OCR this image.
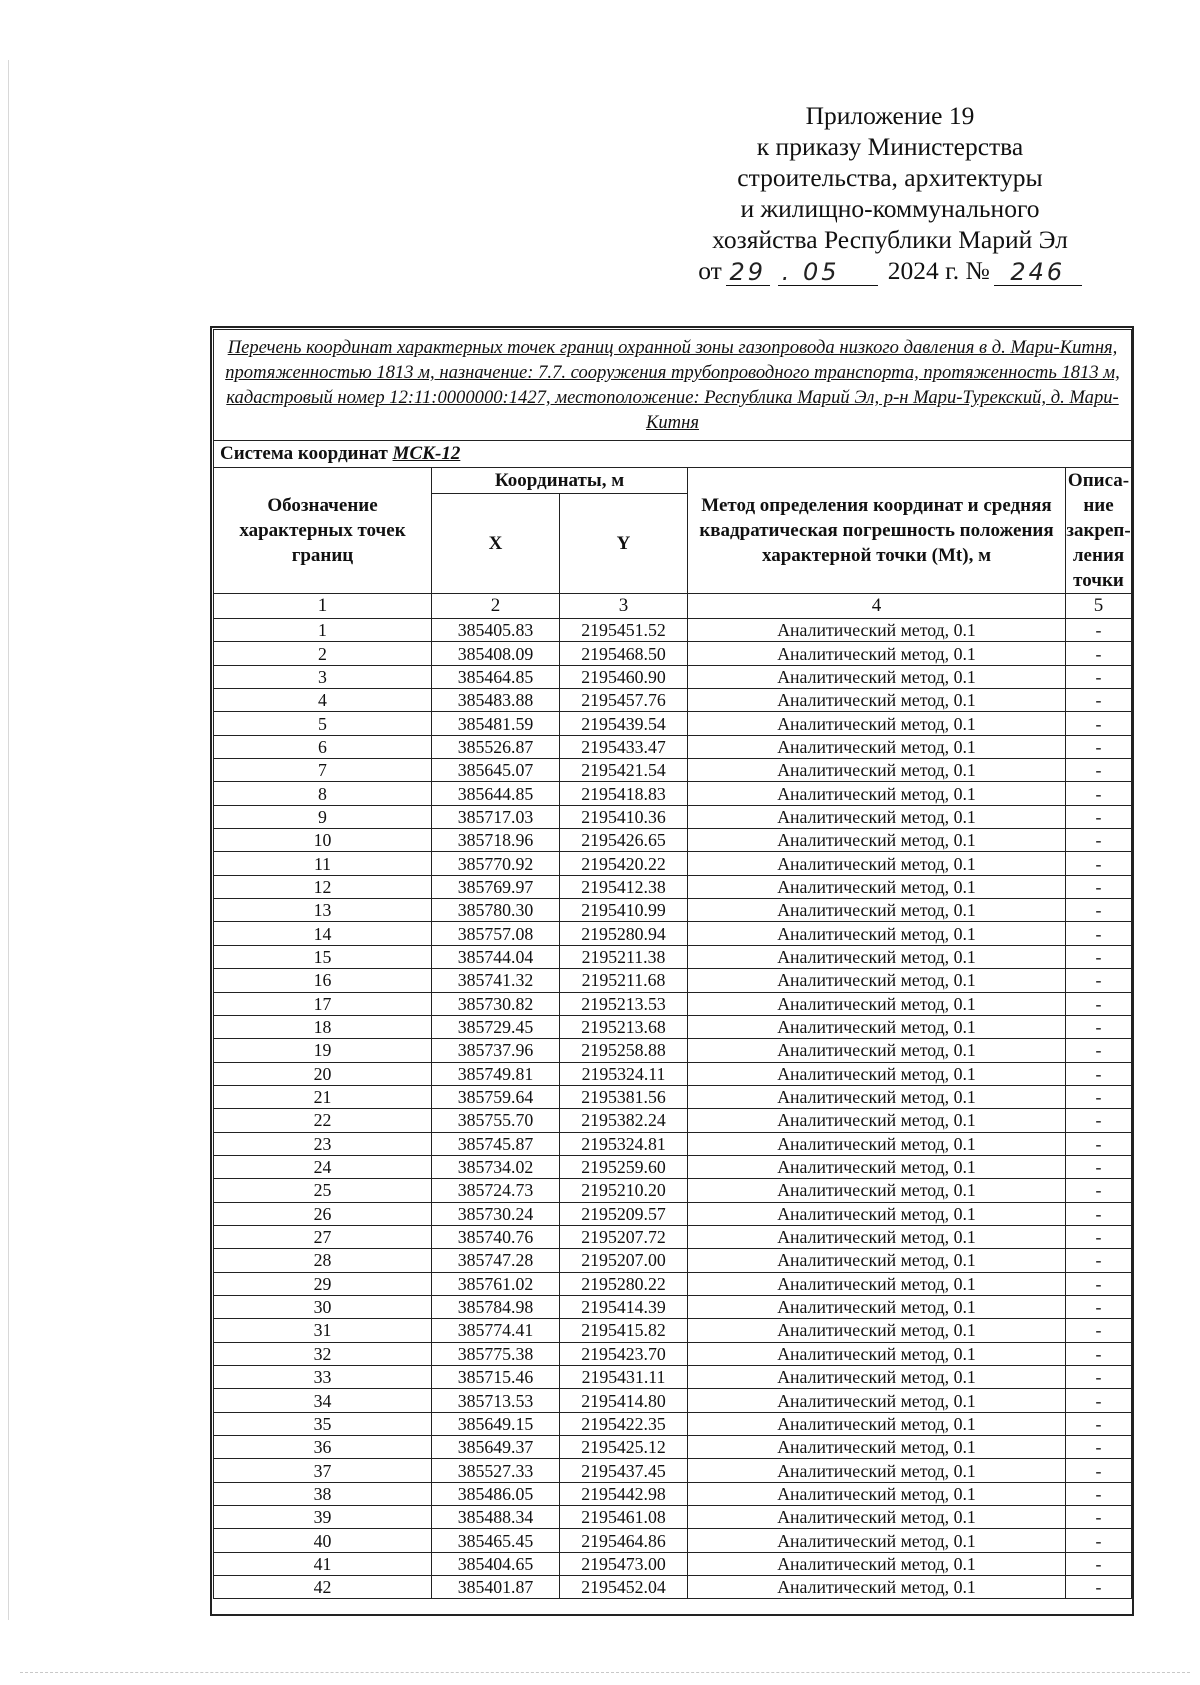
Приложение 19
к приказу Министерства
строительства, архитектуры
и жилищно-коммунального
хозяйства Республики Марий Эл
от 29 . 05	2024 г. № 246
Перечень координат характерных точек границ охранной зоны газопровода низкого давления в д. Мари-Китня, протяженностью 1813 м, назначение: 7.7. сооружения трубопроводного транспорта, протяженность 1813 м, кадастровый номер 12:11:0000000:1427, местоположение: Республика Марий Эл, р-н Мари-Турекский, д. Мари-Китня				
Система координат МСК-12				
Обозначение характерных точек границ	Координаты, м		Метод определения координат и средняя квадратическая погрешность положения характерной точки (Mt), м	Описа-ние закреп-ления точки
	X	Y		
1	2	3	4	5
1	385405.83	2195451.52	Аналитический метод, 0.1	-
2	385408.09	2195468.50	Аналитический метод, 0.1	-
3	385464.85	2195460.90	Аналитический метод, 0.1	-
4	385483.88	2195457.76	Аналитический метод, 0.1	-
5	385481.59	2195439.54	Аналитический метод, 0.1	-
6	385526.87	2195433.47	Аналитический метод, 0.1	-
7	385645.07	2195421.54	Аналитический метод, 0.1	-
8	385644.85	2195418.83	Аналитический метод, 0.1	-
9	385717.03	2195410.36	Аналитический метод, 0.1	-
10	385718.96	2195426.65	Аналитический метод, 0.1	-
11	385770.92	2195420.22	Аналитический метод, 0.1	-
12	385769.97	2195412.38	Аналитический метод, 0.1	-
13	385780.30	2195410.99	Аналитический метод, 0.1	-
14	385757.08	2195280.94	Аналитический метод, 0.1	-
15	385744.04	2195211.38	Аналитический метод, 0.1	-
16	385741.32	2195211.68	Аналитический метод, 0.1	-
17	385730.82	2195213.53	Аналитический метод, 0.1	-
18	385729.45	2195213.68	Аналитический метод, 0.1	-
19	385737.96	2195258.88	Аналитический метод, 0.1	-
20	385749.81	2195324.11	Аналитический метод, 0.1	-
21	385759.64	2195381.56	Аналитический метод, 0.1	-
22	385755.70	2195382.24	Аналитический метод, 0.1	-
23	385745.87	2195324.81	Аналитический метод, 0.1	-
24	385734.02	2195259.60	Аналитический метод, 0.1	-
25	385724.73	2195210.20	Аналитический метод, 0.1	-
26	385730.24	2195209.57	Аналитический метод, 0.1	-
27	385740.76	2195207.72	Аналитический метод, 0.1	-
28	385747.28	2195207.00	Аналитический метод, 0.1	-
29	385761.02	2195280.22	Аналитический метод, 0.1	-
30	385784.98	2195414.39	Аналитический метод, 0.1	-
31	385774.41	2195415.82	Аналитический метод, 0.1	-
32	385775.38	2195423.70	Аналитический метод, 0.1	-
33	385715.46	2195431.11	Аналитический метод, 0.1	-
34	385713.53	2195414.80	Аналитический метод, 0.1	-
35	385649.15	2195422.35	Аналитический метод, 0.1	-
36	385649.37	2195425.12	Аналитический метод, 0.1	-
37	385527.33	2195437.45	Аналитический метод, 0.1	-
38	385486.05	2195442.98	Аналитический метод, 0.1	-
39	385488.34	2195461.08	Аналитический метод, 0.1	-
40	385465.45	2195464.86	Аналитический метод, 0.1	-
41	385404.65	2195473.00	Аналитический метод, 0.1	-
42	385401.87	2195452.04	Аналитический метод, 0.1	-
